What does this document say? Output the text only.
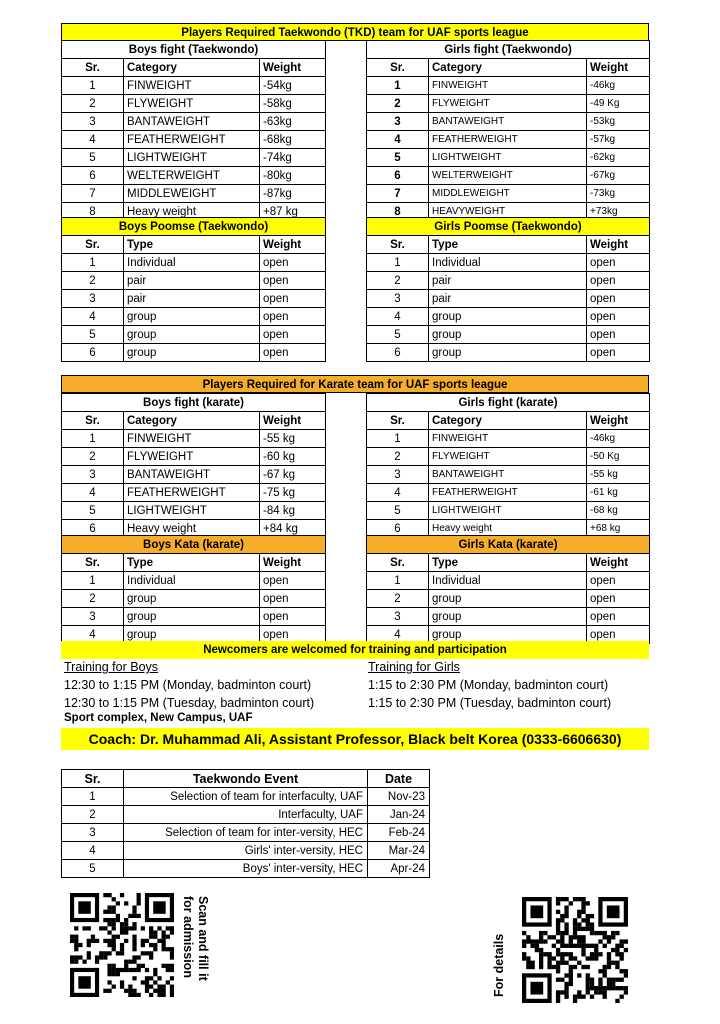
Players Required Taekwondo (TKD) team for UAF sports league
Boys fight (Taekwondo)		
Sr.	Category	Weight
1	FINWEIGHT	-54kg
2	FLYWEIGHT	-58kg
3	BANTAWEIGHT	-63kg
4	FEATHERWEIGHT	-68kg
5	LIGHTWEIGHT	-74kg
6	WELTERWEIGHT	-80kg
7	MIDDLEWEIGHT	-87kg
8	Heavy weight	+87 kg
Girls fight (Taekwondo)		
Sr.	Category	Weight
1	FINWEIGHT	-46kg
2	FLYWEIGHT	-49 Kg
3	BANTAWEIGHT	-53kg
4	FEATHERWEIGHT	-57kg
5	LIGHTWEIGHT	-62kg
6	WELTERWEIGHT	-67kg
7	MIDDLEWEIGHT	-73kg
8	HEAVYWEIGHT	+73kg
Boys Poomse (Taekwondo)		
Sr.	Type	Weight
1	Individual	open
2	pair	open
3	pair	open
4	group	open
5	group	open
6	group	open
Girls Poomse (Taekwondo)		
Sr.	Type	Weight
1	Individual	open
2	pair	open
3	pair	open
4	group	open
5	group	open
6	group	open
Players Required for Karate team for UAF sports league
Boys fight (karate)		
Sr.	Category	Weight
1	FINWEIGHT	-55 kg
2	FLYWEIGHT	-60 kg
3	BANTAWEIGHT	-67 kg
4	FEATHERWEIGHT	-75 kg
5	LIGHTWEIGHT	-84 kg
6	Heavy weight	+84 kg
Girls fight (karate)		
Sr.	Category	Weight
1	FINWEIGHT	-46kg
2	FLYWEIGHT	-50 Kg
3	BANTAWEIGHT	-55 kg
4	FEATHERWEIGHT	-61 kg
5	LIGHTWEIGHT	-68 kg
6	Heavy weight	+68 kg
Boys Kata (karate)		
Sr.	Type	Weight
1	Individual	open
2	group	open
3	group	open
4	group	open
Girls Kata (karate)		
Sr.	Type	Weight
1	Individual	open
2	group	open
3	group	open
4	group	open
Newcomers are welcomed for training and participation
Training for Boys
12:30 to 1:15 PM (Monday, badminton court)
12:30 to 1:15 PM (Tuesday, badminton court)
Training for Girls
1:15 to 2:30 PM (Monday, badminton court)
1:15 to 2:30 PM (Tuesday, badminton court)
Sport complex, New Campus, UAF
Coach: Dr. Muhammad Ali, Assistant Professor, Black belt Korea (0333-6606630)
Sr.	Taekwondo Event	Date
1	Selection of team for interfaculty, UAF	Nov-23
2	Interfaculty, UAF	Jan-24
3	Selection of team for inter-versity, HEC	Feb-24
4	Girls' inter-versity, HEC	Mar-24
5	Boys' inter-versity, HEC	Apr-24
Scan and fill it
for admission	For details
